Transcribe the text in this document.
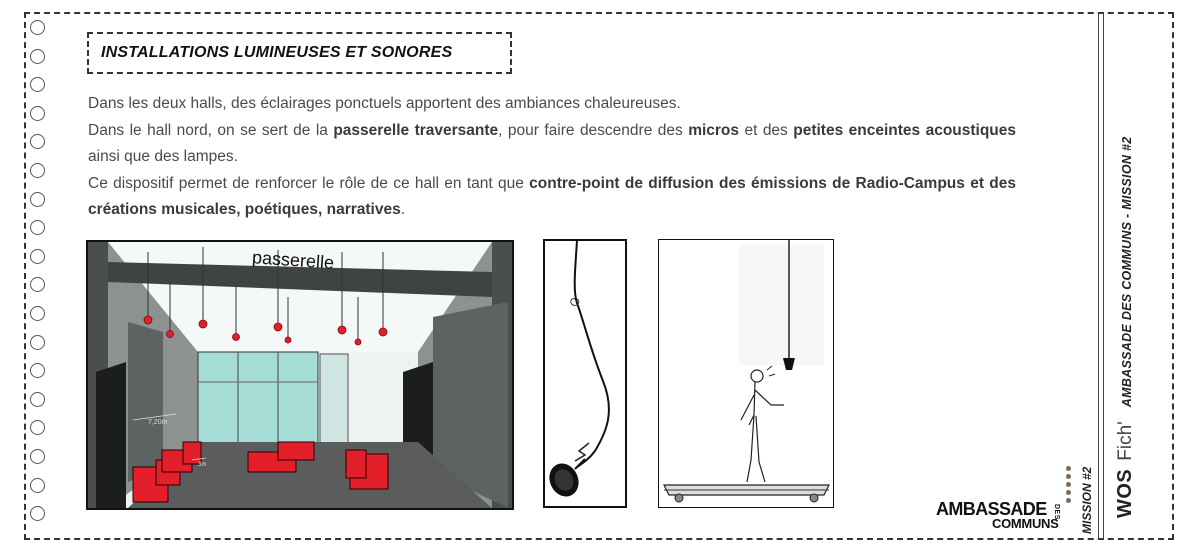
INSTALLATIONS LUMINEUSES ET SONORES

Dans les deux halls, des éclairages ponctuels apportent des ambiances chaleureuses.

Dans le hall nord, on se sert de la passerelle traversante, pour faire descendre des micros et des petites enceintes acoustiques ainsi que des lampes.

Ce dispositif permet de renforcer le rôle de ce hall en tant que contre-point de diffusion des émissions de Radio-Campus et des créations musicales, poétiques, narratives.

7,20m
3m
passerelle
AMBASSADE DES
COMMUNS MISSION #2 WOS
Fich'
AMBASSADE DES COMMUNS - MISSION #2
